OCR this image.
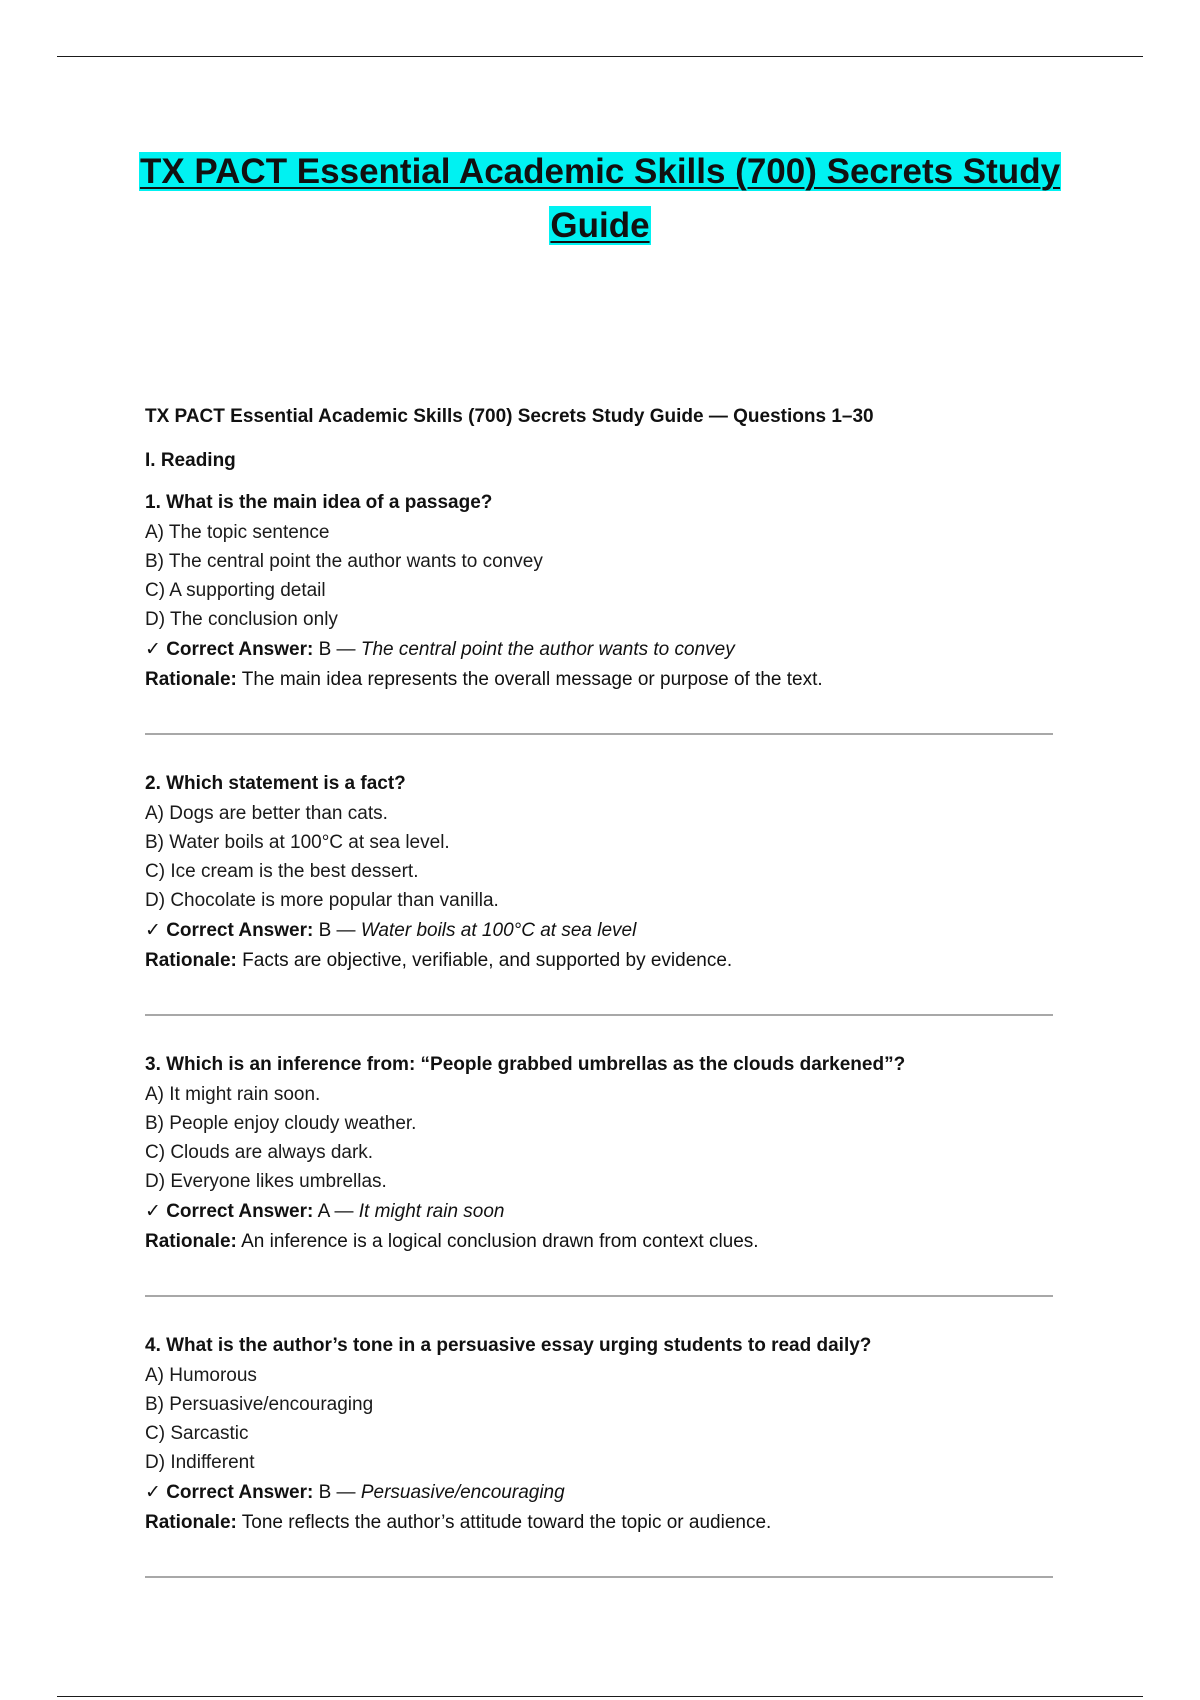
TX PACT Essential Academic Skills (700) Secrets Study
Guide
TX PACT Essential Academic Skills (700) Secrets Study Guide — Questions 1–30
I. Reading
1. What is the main idea of a passage?
A) The topic sentence
B) The central point the author wants to convey
C) A supporting detail
D) The conclusion only
✓ Correct Answer: B — The central point the author wants to convey
Rationale: The main idea represents the overall message or purpose of the text.
2. Which statement is a fact?
A) Dogs are better than cats.
B) Water boils at 100°C at sea level.
C) Ice cream is the best dessert.
D) Chocolate is more popular than vanilla.
✓ Correct Answer: B — Water boils at 100°C at sea level
Rationale: Facts are objective, verifiable, and supported by evidence.
3. Which is an inference from: “People grabbed umbrellas as the clouds darkened”?
A) It might rain soon.
B) People enjoy cloudy weather.
C) Clouds are always dark.
D) Everyone likes umbrellas.
✓ Correct Answer: A — It might rain soon
Rationale: An inference is a logical conclusion drawn from context clues.
4. What is the author’s tone in a persuasive essay urging students to read daily?
A) Humorous
B) Persuasive/encouraging
C) Sarcastic
D) Indifferent
✓ Correct Answer: B — Persuasive/encouraging
Rationale: Tone reflects the author’s attitude toward the topic or audience.
